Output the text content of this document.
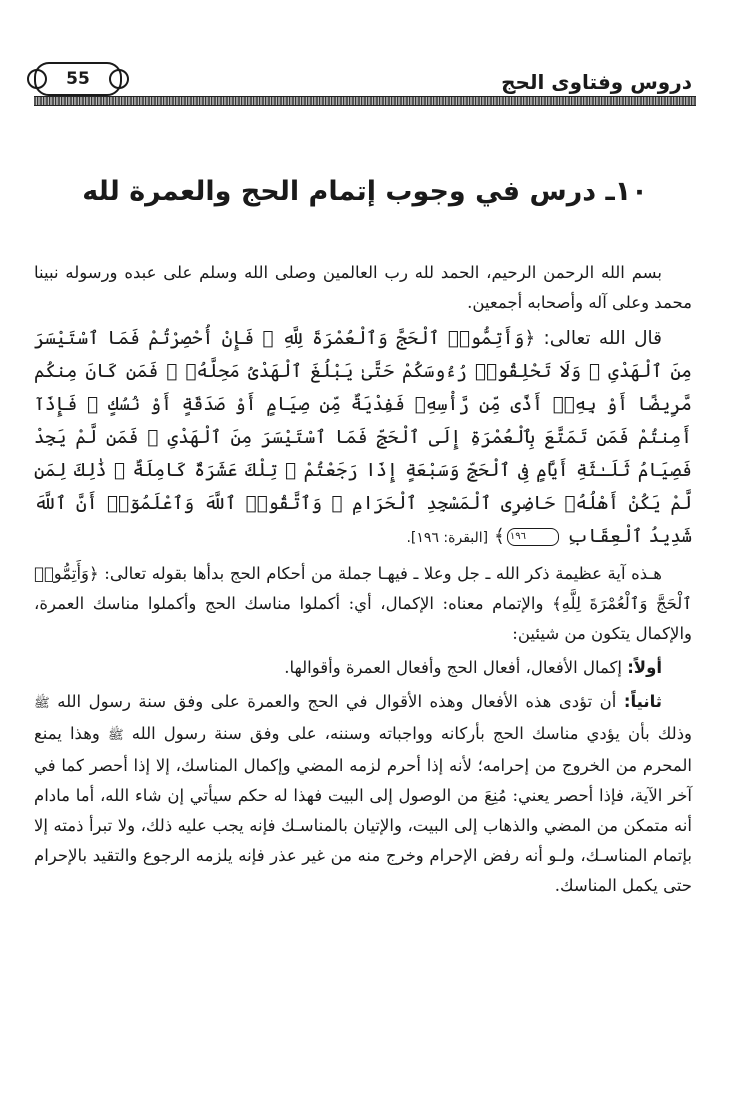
دروس وفتاوى الحج
55
١٠ـ درس في وجوب إتمام الحج والعمرة لله

بسم الله الرحمن الرحيم، الحمد لله رب العالمين وصلى الله وسلم على عبده ورسوله نبينا محمد وعلى آله وأصحابه أجمعين.

قال الله تعالى: ﴿وَأَتِمُّوا۟ ٱلْحَجَّ وَٱلْعُمْرَةَ لِلَّهِ ۚ فَإِنْ أُحْصِرْتُمْ فَمَا ٱسْتَيْسَرَ مِنَ ٱلْهَدْىِ ۖ وَلَا تَحْلِقُوا۟ رُءُوسَكُمْ حَتَّىٰ يَبْلُغَ ٱلْهَدْىُ مَحِلَّهُۥ ۚ فَمَن كَانَ مِنكُم مَّرِيضًا أَوْ بِهِۦٓ أَذًى مِّن رَّأْسِهِۦ فَفِدْيَةٌ مِّن صِيَامٍ أَوْ صَدَقَةٍ أَوْ نُسُكٍ ۚ فَإِذَآ أَمِنتُمْ فَمَن تَمَتَّعَ بِٱلْعُمْرَةِ إِلَى ٱلْحَجِّ فَمَا ٱسْتَيْسَرَ مِنَ ٱلْهَدْىِ ۚ فَمَن لَّمْ يَجِدْ فَصِيَامُ ثَلَـٰثَةِ أَيَّامٍ فِى ٱلْحَجِّ وَسَبْعَةٍ إِذَا رَجَعْتُمْ ۗ تِلْكَ عَشَرَةٌ كَامِلَةٌ ۗ ذَٰلِكَ لِمَن لَّمْ يَكُنْ أَهْلُهُۥ حَاضِرِى ٱلْمَسْجِدِ ٱلْحَرَامِ ۚ وَٱتَّقُوا۟ ٱللَّهَ وَٱعْلَمُوٓا۟ أَنَّ ٱللَّهَ شَدِيدُ ٱلْعِقَابِ ١٩٦﴾ [البقرة: ١٩٦].

هـذه آية عظيمة ذكر الله ـ جل وعلا ـ فيهـا جملة من أحكام الحج بدأها بقوله تعالى: ﴿وَأَتِمُّوا۟ ٱلْحَجَّ وَٱلْعُمْرَةَ لِلَّهِ﴾ والإتمام معناه: الإكمال، أي: أكملوا مناسك الحج وأكملوا مناسك العمرة، والإكمال يتكون من شيئين:

أولاً: إكمال الأفعال، أفعال الحج وأفعال العمرة وأقوالها.

ثانياً: أن تؤدى هذه الأفعال وهذه الأقوال في الحج والعمرة على وفق سنة رسول الله ﷺ وذلك بأن يؤدي مناسك الحج بأركانه وواجباته وسننه، على وفق سنة رسول الله ﷺ وهذا يمنع المحرم من الخروج من إحرامه؛ لأنه إذا أحرم لزمه المضي وإكمال المناسك، إلا إذا أحصر كما في آخر الآية، فإذا أحصر يعني: مُنِعَ من الوصول إلى البيت فهذا له حكم سيأتي إن شاء الله، أما مادام أنه متمكن من المضي والذهاب إلى البيت، والإتيان بالمناسـك فإنه يجب عليه ذلك، ولا تبرأ ذمته إلا بإتمام المناسـك، ولـو أنه رفض الإحرام وخرج منه من غير عذر فإنه يلزمه الرجوع والتقيد بالإحرام حتى يكمل المناسك.
